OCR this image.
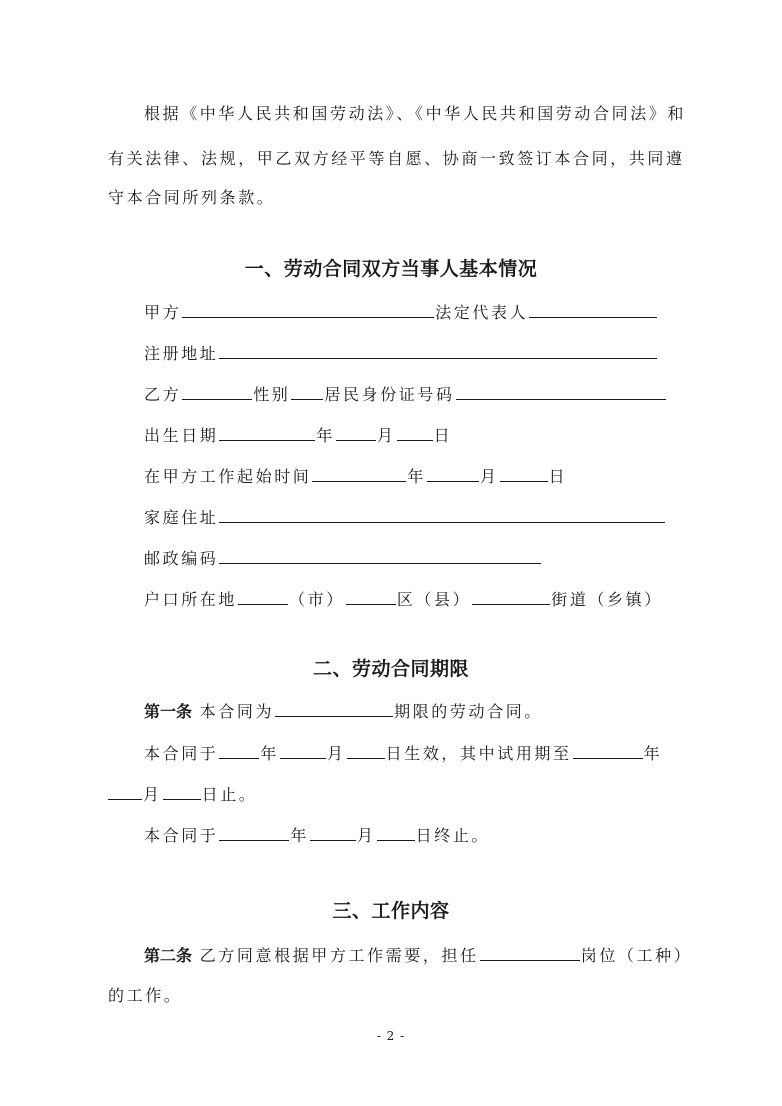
根据《中华人民共和国劳动法》、《中华人民共和国劳动合同法》和
有关法律、法规，甲乙双方经平等自愿、协商一致签订本合同，共同遵
守本合同所列条款。
一、劳动合同双方当事人基本情况
甲方	法定代表人
注册地址
乙方	性别 居民身份证号码
出生日期	年	月 日
在甲方工作起始时间	年	月	日
家庭住址
邮政编码
户口所在地	（市）	区（县）	街道（乡镇）
二、劳动合同期限
第一条 本合同为	期限的劳动合同。
本合同于	年	月	日生效，其中试用期至	年
月	日止。
本合同于	年	月	日终止。
三、工作内容
第二条 乙方同意根据甲方工作需要，担任	岗位（工种）
的工作。
- 2 -
